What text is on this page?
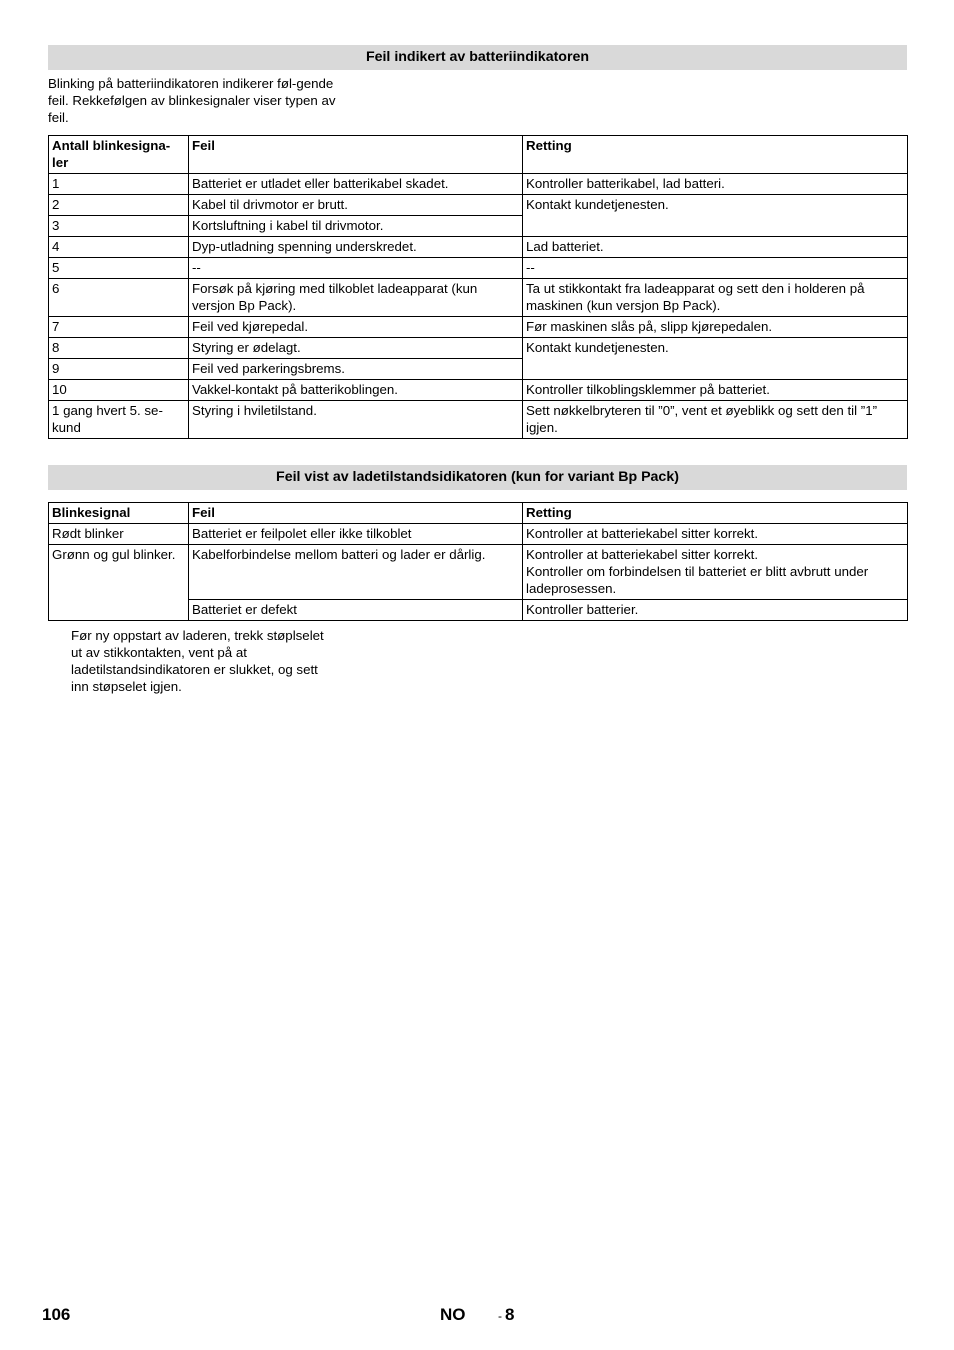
Feil indikert av batteriindikatoren
Blinking på batteriindikatoren indikerer føl-gende feil. Rekkefølgen av blinkesignaler viser typen av feil.
Antall blinkesigna-ler	Feil	Retting
1	Batteriet er utladet eller batterikabel skadet.	Kontroller batterikabel, lad batteri.
2	Kabel til drivmotor er brutt.	Kontakt kundetjenesten.
3	Kortsluftning i kabel til drivmotor.	
4	Dyp-utladning spenning underskredet.	Lad batteriet.
5	--	--
6	Forsøk på kjøring med tilkoblet ladeapparat (kun versjon Bp Pack).	Ta ut stikkontakt fra ladeapparat og sett den i holderen på maskinen (kun versjon Bp Pack).
7	Feil ved kjørepedal.	Før maskinen slås på, slipp kjørepedalen.
8	Styring er ødelagt.	Kontakt kundetjenesten.
9	Feil ved parkeringsbrems.	
10	Vakkel-kontakt på batterikoblingen.	Kontroller tilkoblingsklemmer på batteriet.
1 gang hvert 5. se-kund	Styring i hviletilstand.	Sett nøkkelbryteren til ”0”, vent et øyeblikk og sett den til ”1” igjen.
Feil vist av ladetilstandsidikatoren (kun for variant Bp Pack)
Blinkesignal	Feil	Retting
Rødt blinker	Batteriet er feilpolet eller ikke tilkoblet	Kontroller at batteriekabel sitter korrekt.
Grønn og gul blinker.	Kabelforbindelse mellom batteri og lader er dårlig.	Kontroller at batteriekabel sitter korrekt.
Kontroller om forbindelsen til batteriet er blitt avbrutt under ladeprosessen.

	Batteriet er defekt	Kontroller batterier.
Før ny oppstart av laderen, trekk støplselet ut av stikkontakten, vent på at ladetilstandsindikatoren er slukket, og sett inn støpselet igjen.
106	NO	- 8
